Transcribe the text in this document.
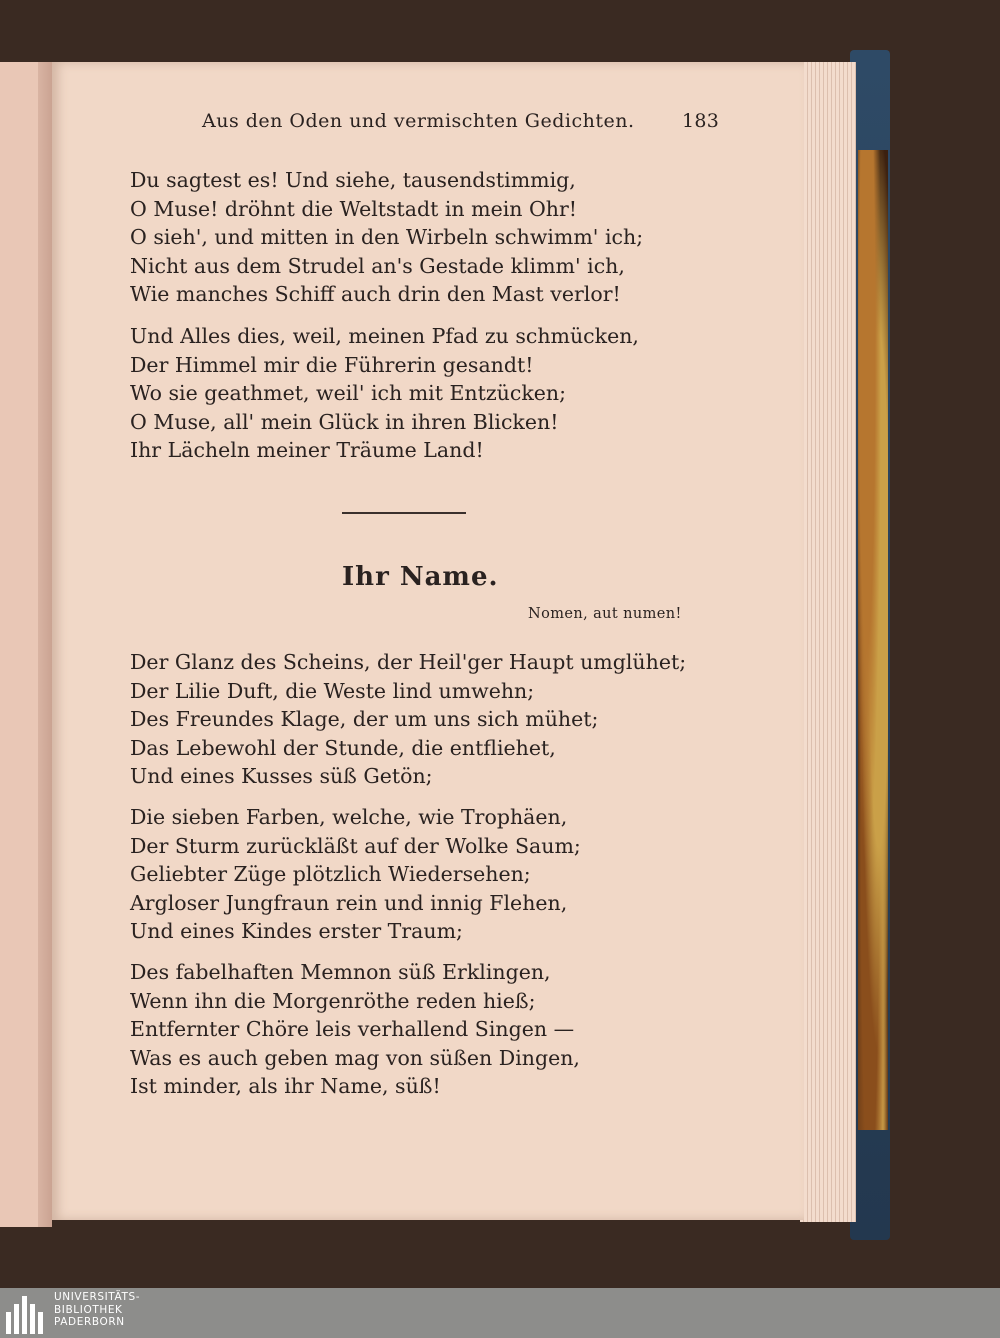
Aus den Oden und vermischten Gedichten.	183
Du sagtest es! Und siehe, tausendstimmig,
O Muse! dröhnt die Weltstadt in mein Ohr!
O sieh', und mitten in den Wirbeln schwimm' ich;
Nicht aus dem Strudel an's Gestade klimm' ich,
Wie manches Schiff auch drin den Mast verlor!
Und Alles dies, weil, meinen Pfad zu schmücken,
Der Himmel mir die Führerin gesandt!
Wo sie geathmet, weil' ich mit Entzücken;
O Muse, all' mein Glück in ihren Blicken!
Ihr Lächeln meiner Träume Land!
Ihr Name.
Nomen, aut numen!
Der Glanz des Scheins, der Heil'ger Haupt umglühet;
Der Lilie Duft, die Weste lind umwehn;
Des Freundes Klage, der um uns sich mühet;
Das Lebewohl der Stunde, die entfliehet,
Und eines Kusses süß Getön;
Die sieben Farben, welche, wie Trophäen,
Der Sturm zurückläßt auf der Wolke Saum;
Geliebter Züge plötzlich Wiedersehen;
Argloser Jungfraun rein und innig Flehen,
Und eines Kindes erster Traum;
Des fabelhaften Memnon süß Erklingen,
Wenn ihn die Morgenröthe reden hieß;
Entfernter Chöre leis verhallend Singen —
Was es auch geben mag von süßen Dingen,
Ist minder, als ihr Name, süß!
UNIVERSITÄTS-
BIBLIOTHEK
PADERBORN
